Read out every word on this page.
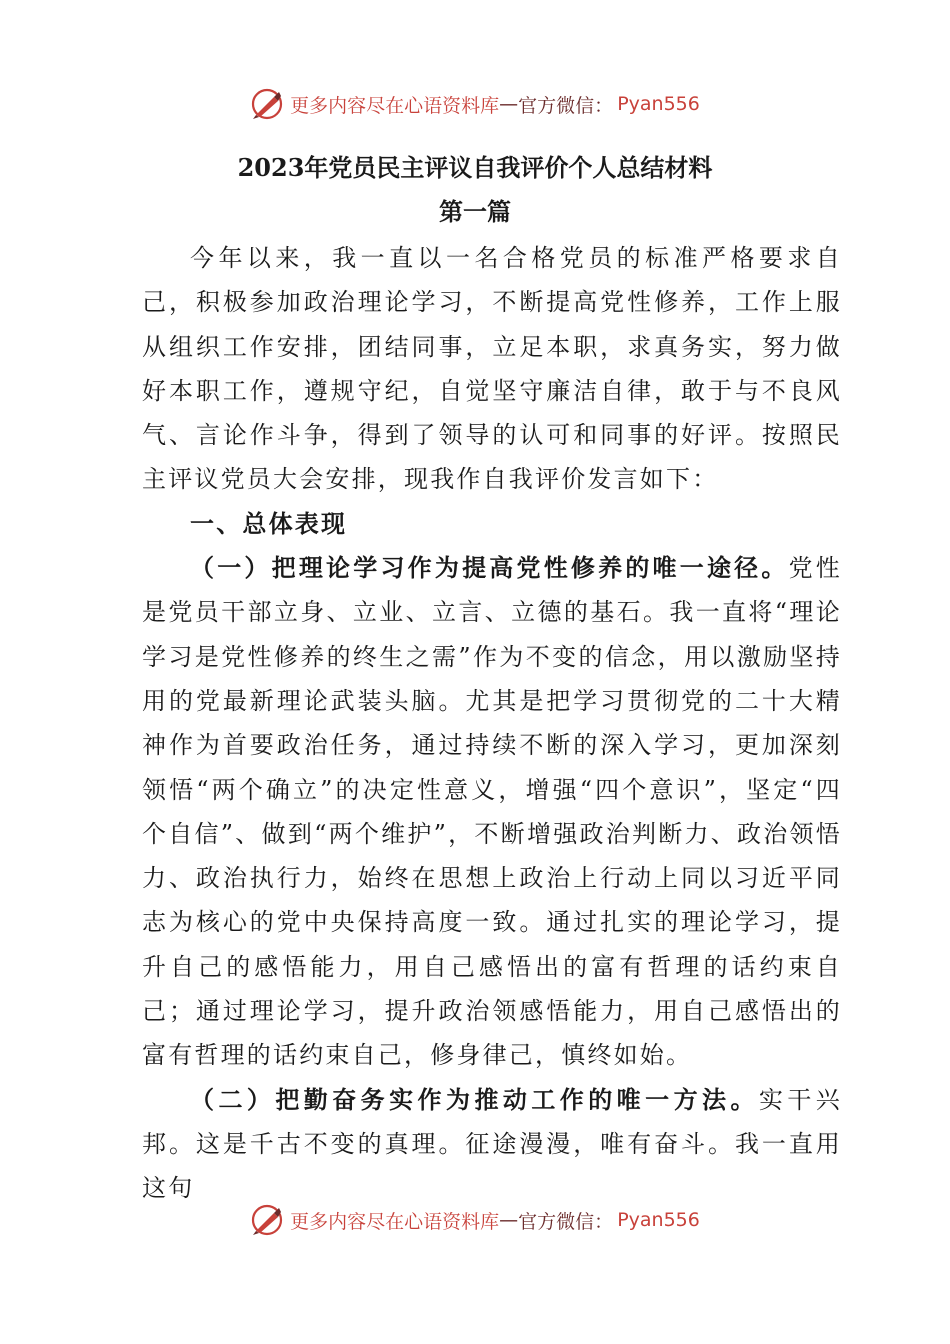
更多内容尽在心语资料库 — 官方微信： Pyan556
2023年党员民主评议自我评价个人总结材料
第一篇

今年以来，我一直以一名合格党员的标准严格要求自己，积极参加政治理论学习，不断提高党性修养，工作上服从组织工作安排，团结同事，立足本职，求真务实，努力做好本职工作，遵规守纪，自觉坚守廉洁自律，敢于与不良风气、言论作斗争，得到了领导的认可和同事的好评。按照民主评议党员大会安排，现我作自我评价发言如下：

一、总体表现

（一）把理论学习作为提高党性修养的唯一途径。党性是党员干部立身、立业、立言、立德的基石。我一直将“理论学习是党性修养的终生之需”作为不变的信念，用以激励坚持用的党最新理论武装头脑。尤其是把学习贯彻党的二十大精神作为首要政治任务，通过持续不断的深入学习，更加深刻领悟“两个确立”的决定性意义，增强“四个意识”，坚定“四个自信”、做到“两个维护”，不断增强政治判断力、政治领悟力、政治执行力，始终在思想上政治上行动上同以习近平同志为核心的党中央保持高度一致。通过扎实的理论学习，提升自己的感悟能力，用自己感悟出的富有哲理的话约束自己；通过理论学习，提升政治领感悟能力，用自己感悟出的富有哲理的话约束自己，修身律己，慎终如始。

（二）把勤奋务实作为推动工作的唯一方法。实干兴邦。这是千古不变的真理。征途漫漫，唯有奋斗。我一直用这句

更多内容尽在心语资料库 — 官方微信： Pyan556
